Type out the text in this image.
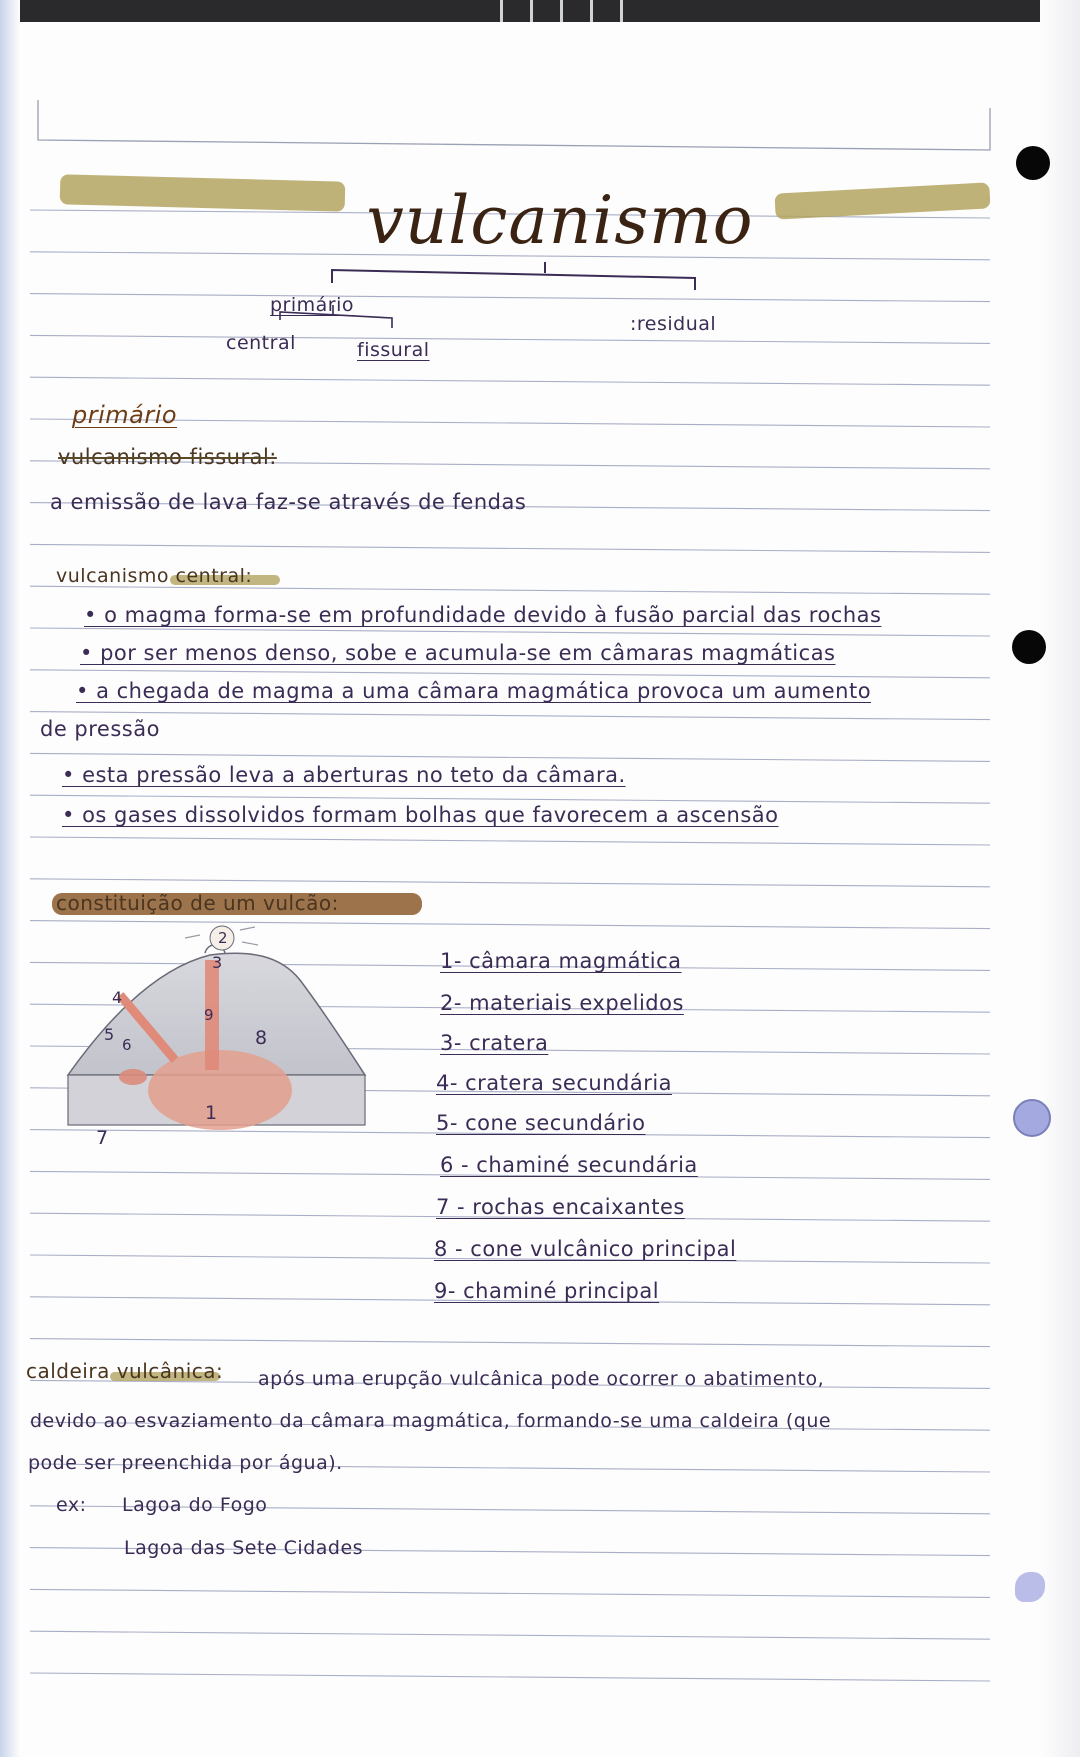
vulcanismo
primário
:residual
central	fissural
primário
vulcanismo fissural:
a emissão de lava faz-se através de fendas
vulcanismo central:
• o magma forma-se em profundidade devido à fusão parcial das rochas
• por ser menos denso, sobe e acumula-se em câmaras magmáticas
• a chegada de magma a uma câmara magmática provoca um aumento
de pressão
• esta pressão leva a aberturas no teto da câmara.
• os gases dissolvidos formam bolhas que favorecem a ascensão
constituição de um vulcão:
1
2
3
4
5
6
7
8
9
1- câmara magmática
2- materiais expelidos
3- cratera
4- cratera secundária
5- cone secundário
6 - chaminé secundária
7 - rochas encaixantes
8 - cone vulcânico principal
9- chaminé principal
caldeira vulcânica: após uma erupção vulcânica pode ocorrer o abatimento,
devido ao esvaziamento da câmara magmática, formando-se uma caldeira (que
pode ser preenchida por água).
ex: Lagoa do Fogo
Lagoa das Sete Cidades
